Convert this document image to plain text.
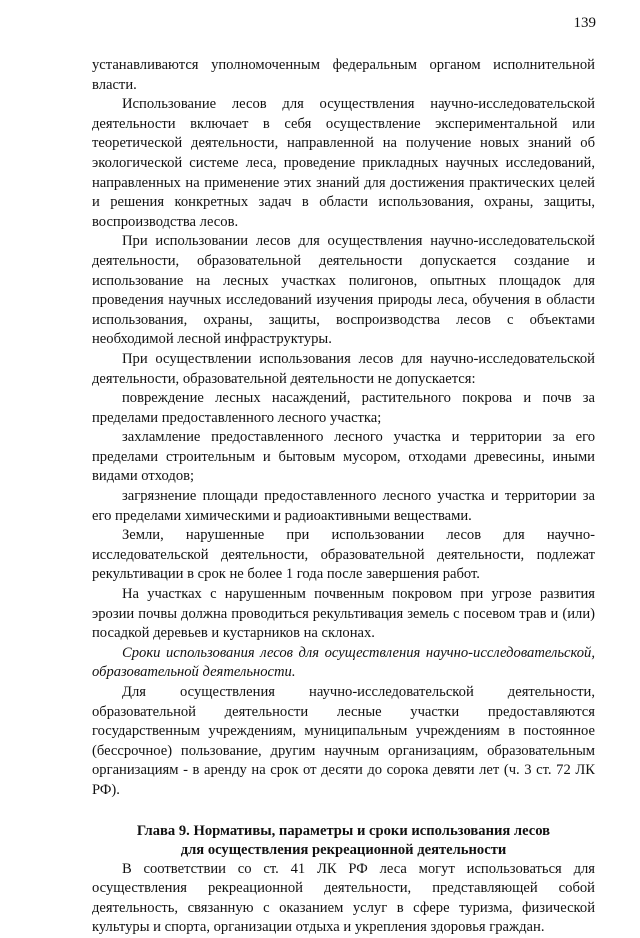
139

устанавливаются уполномоченным федеральным органом исполнительной власти.

Использование лесов для осуществления научно-исследовательской деятельности включает в себя осуществление экспериментальной или теоретической деятельности, направленной на получение новых знаний об экологической системе леса, проведение прикладных научных исследований, направленных на применение этих знаний для достижения практических целей и решения конкретных задач в области использования, охраны, защиты, воспроизводства лесов.

При использовании лесов для осуществления научно-исследовательской деятельности, образовательной деятельности допускается создание и использование на лесных участках полигонов, опытных площадок для проведения научных исследований изучения природы леса, обучения в области использования, охраны, защиты, воспроизводства лесов с объектами необходимой лесной инфраструктуры.

При осуществлении использования лесов для научно-исследовательской деятельности, образовательной деятельности не допускается:

повреждение лесных насаждений, растительного покрова и почв за пределами предоставленного лесного участка;

захламление предоставленного лесного участка и территории за его пределами строительным и бытовым мусором, отходами древесины, иными видами отходов;

загрязнение площади предоставленного лесного участка и территории за его пределами химическими и радиоактивными веществами.

Земли, нарушенные при использовании лесов для научно-исследовательской деятельности, образовательной деятельности, подлежат рекультивации в срок не более 1 года после завершения работ.

На участках с нарушенным почвенным покровом при угрозе развития эрозии почвы должна проводиться рекультивация земель с посевом трав и (или) посадкой деревьев и кустарников на склонах.

Сроки использования лесов для осуществления научно-исследовательской, образовательной деятельности.

Для осуществления научно-исследовательской деятельности, образовательной деятельности лесные участки предоставляются государственным учреждениям, муниципальным учреждениям в постоянное (бессрочное) пользование, другим научным организациям, образовательным организациям - в аренду на срок от десяти до сорока девяти лет (ч. 3 ст. 72 ЛК РФ).

Глава 9. Нормативы, параметры и сроки использования лесов
для осуществления рекреационной деятельности

В соответствии со ст. 41 ЛК РФ леса могут использоваться для осуществления рекреационной деятельности, представляющей собой деятельность, связанную с оказанием услуг в сфере туризма, физической культуры и спорта, организации отдыха и укрепления здоровья граждан.
